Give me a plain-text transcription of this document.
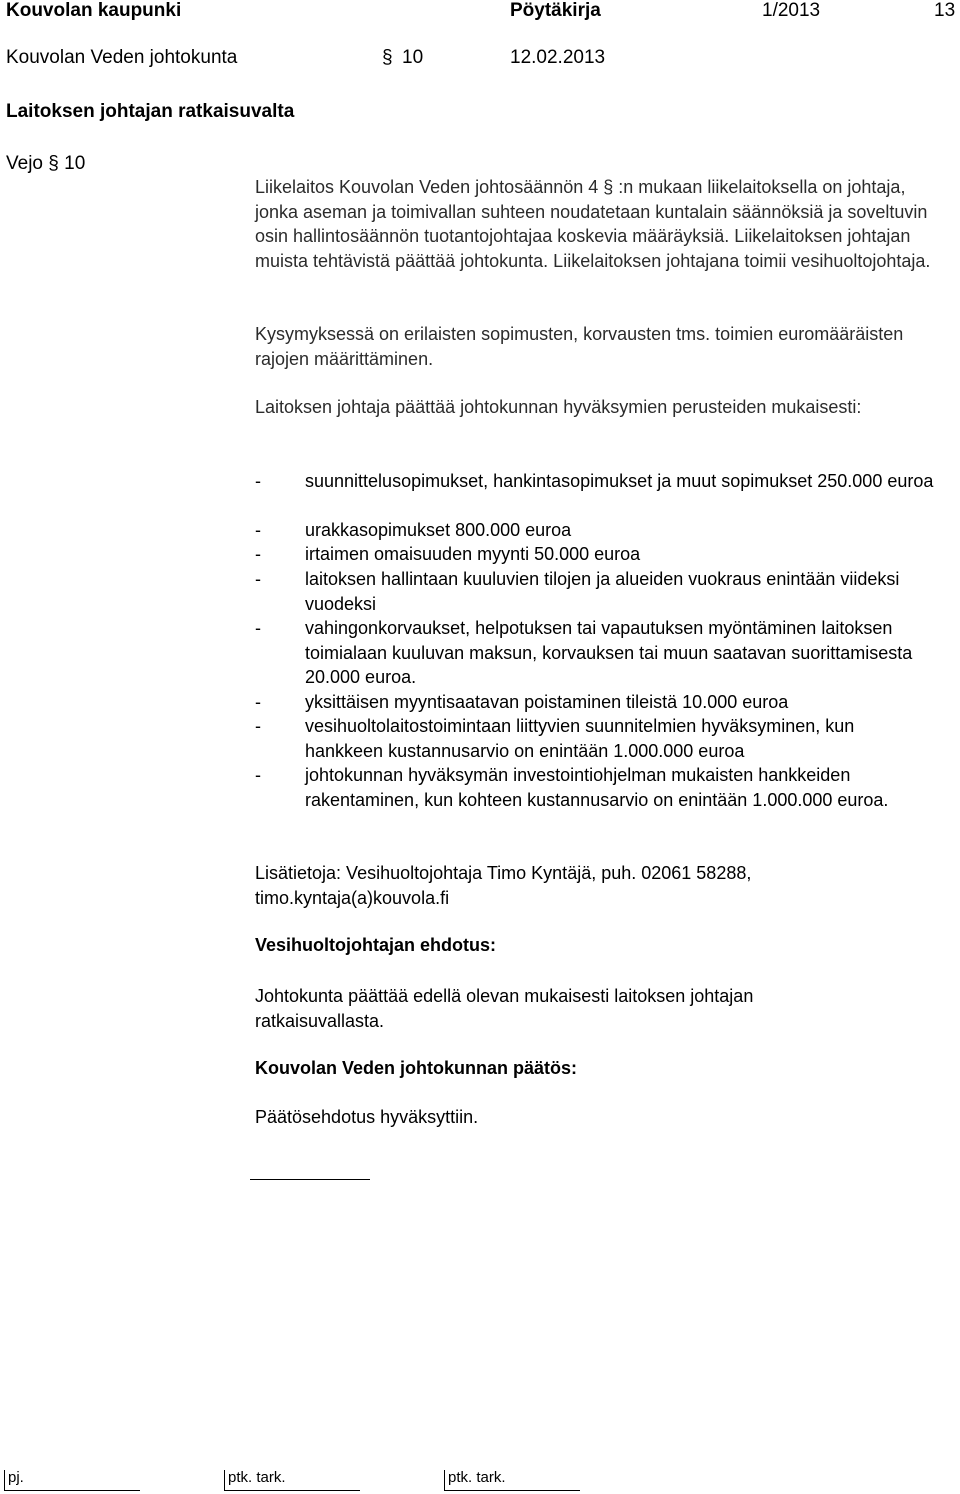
Kouvolan kaupunki	Pöytäkirja	1/2013	13
Kouvolan Veden johtokunta	§ 10	12.02.2013
Laitoksen johtajan ratkaisuvalta
Vejo § 10
Liikelaitos Kouvolan Veden johtosäännön 4 § :n mukaan liikelaitoksella on johtaja, jonka aseman ja toimivallan suhteen noudatetaan kuntalain säännöksiä ja soveltuvin osin hallintosäännön tuotantojohtajaa koskevia määräyksiä. Liikelaitoksen johtajan muista tehtävistä päättää johtokunta. Liikelaitoksen johtajana toimii vesihuoltojohtaja.
Kysymyksessä on erilaisten sopimusten, korvausten tms. toimien euromääräisten rajojen määrittäminen.
Laitoksen johtaja päättää johtokunnan hyväksymien perusteiden mukaisesti:
- suunnittelusopimukset, hankintasopimukset ja muut sopimukset 250.000 euroa
- urakkasopimukset 800.000 euroa
- irtaimen omaisuuden myynti 50.000 euroa
- laitoksen hallintaan kuuluvien tilojen ja alueiden vuokraus enintään viideksi vuodeksi
- vahingonkorvaukset, helpotuksen tai vapautuksen myöntäminen laitoksen toimialaan kuuluvan maksun, korvauksen tai muun saatavan suorittamisesta 20.000 euroa.
- yksittäisen myyntisaatavan poistaminen tileistä 10.000 euroa
- vesihuoltolaitostoimintaan liittyvien suunnitelmien hyväksyminen, kun hankkeen kustannusarvio on enintään 1.000.000 euroa
- johtokunnan hyväksymän investointiohjelman mukaisten hankkeiden rakentaminen, kun kohteen kustannusarvio on enintään 1.000.000 euroa.
Lisätietoja: Vesihuoltojohtaja Timo Kyntäjä, puh. 02061 58288, timo.kyntaja(a)kouvola.fi
Vesihuoltojohtajan ehdotus:
Johtokunta päättää edellä olevan mukaisesti laitoksen johtajan ratkaisuvallasta.
Kouvolan Veden johtokunnan päätös:
Päätösehdotus hyväksyttiin.
pj.	ptk. tark.	ptk. tark.
